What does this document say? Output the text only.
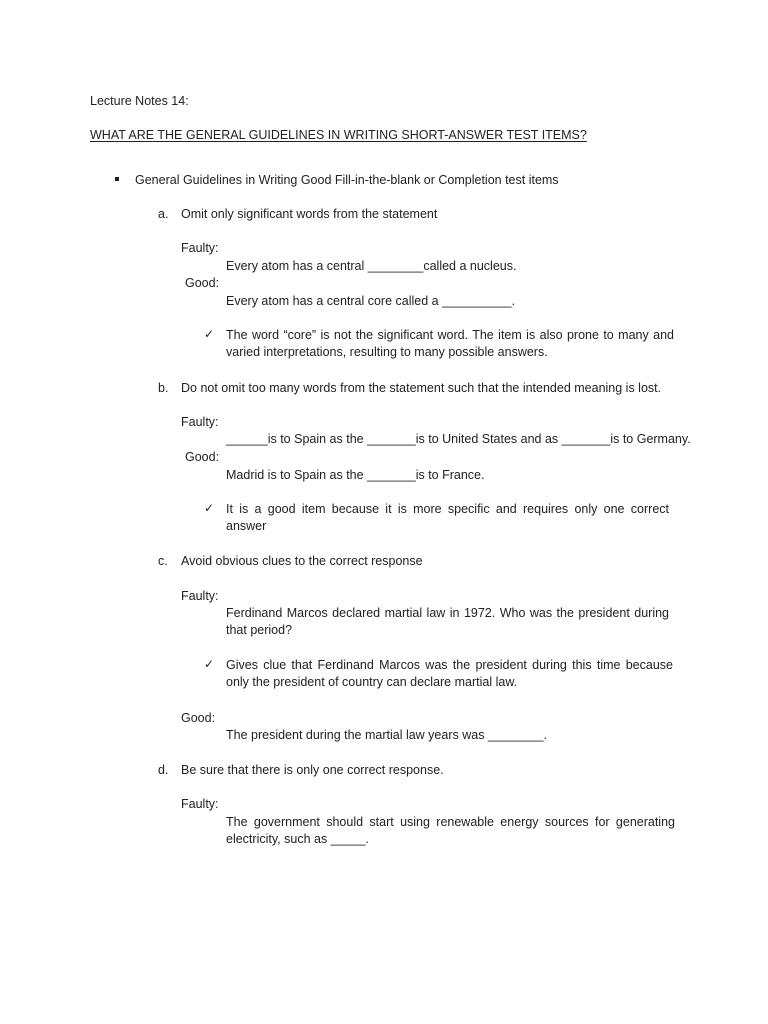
Lecture Notes 14:
WHAT ARE THE GENERAL GUIDELINES IN WRITING SHORT-ANSWER TEST ITEMS?
General Guidelines in Writing Good Fill-in-the-blank or Completion test items
a. Omit only significant words from the statement
Faulty:
Every atom has a central ________called a nucleus.
Good:
Every atom has a central core called a __________.
✓ The word “core” is not the significant word. The item is also prone to many and varied interpretations, resulting to many possible answers.
b. Do not omit too many words from the statement such that the intended meaning is lost.
Faulty:
______is to Spain as the _______is to United States and as _______is to Germany.
Good:
Madrid is to Spain as the _______is to France.
✓ It is a good item because it is more specific and requires only one correct answer
c. Avoid obvious clues to the correct response
Faulty:
Ferdinand Marcos declared martial law in 1972. Who was the president during that period?
✓ Gives clue that Ferdinand Marcos was the president during this time because only the president of country can declare martial law.
Good:
The president during the martial law years was ________.
d. Be sure that there is only one correct response.
Faulty:
The government should start using renewable energy sources for generating electricity, such as _____.
